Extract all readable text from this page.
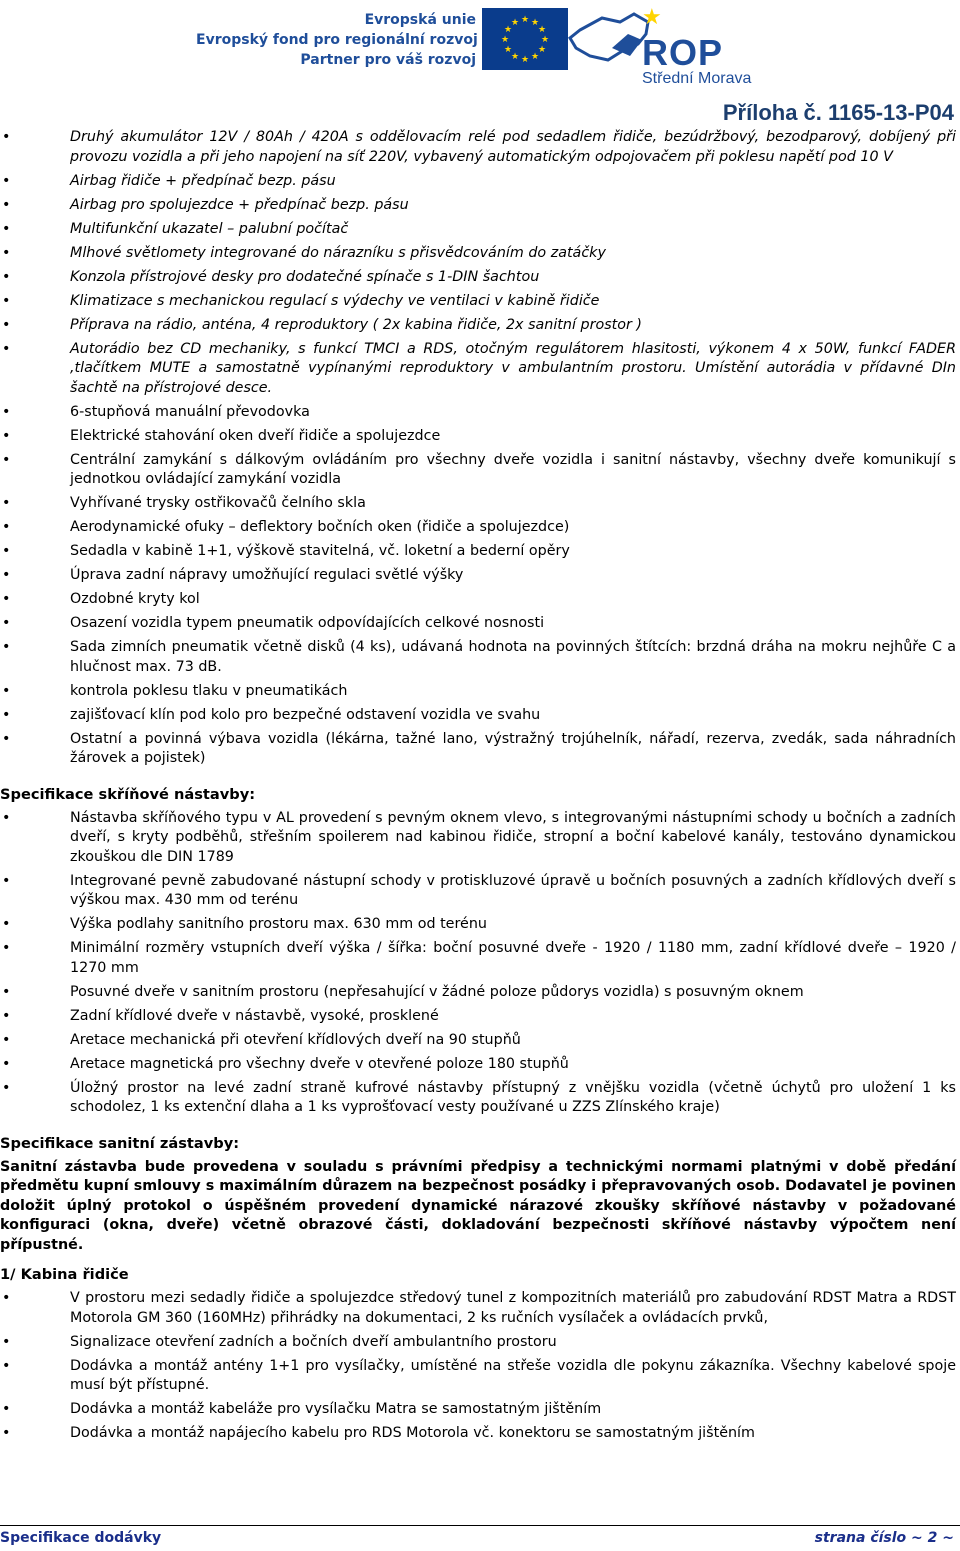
Evropská unie
Evropský fond pro regionální rozvoj
Partner pro váš rozvoj
★ ★
★
★
★
★
★
★
★
★
★
★	★
ROP
Střední Morava
Příloha č. 1165-13-P04
•	Druhý akumulátor 12V / 80Ah / 420A s oddělovacím relé pod sedadlem řidiče, bezúdržbový, bezodparový, dobíjený při provozu vozidla a při jeho napojení na síť 220V, vybavený automatickým odpojovačem při poklesu napětí pod 10 V
•	Airbag řidiče + předpínač bezp. pásu
•	Airbag pro spolujezdce + předpínač bezp. pásu
•	Multifunkční ukazatel – palubní počítač
•	Mlhové světlomety integrované do nárazníku s přisvědcováním do zatáčky
•	Konzola přístrojové desky pro dodatečné spínače s 1-DIN šachtou
•	Klimatizace s mechanickou regulací s výdechy ve ventilaci v kabině řidiče
•	Příprava na rádio, anténa, 4 reproduktory ( 2x kabina řidiče, 2x sanitní prostor )
•	Autorádio bez CD mechaniky, s funkcí TMCI a RDS, otočným regulátorem hlasitosti, výkonem 4 x 50W, funkcí FADER ,tlačítkem MUTE a samostatně vypínanými reproduktory v ambulantním prostoru. Umístění autorádia v přídavné DIn šachtě na přístrojové desce.
•	6-stupňová manuální převodovka
•	Elektrické stahování oken dveří řidiče a spolujezdce
•	Centrální zamykání s dálkovým ovládáním pro všechny dveře vozidla i sanitní nástavby, všechny dveře komunikují s jednotkou ovládající zamykání vozidla
•	Vyhřívané trysky ostřikovačů čelního skla
•	Aerodynamické ofuky – deflektory bočních oken (řidiče a spolujezdce)
•	Sedadla v kabině 1+1, výškově stavitelná, vč. loketní a bederní opěry
•	Úprava zadní nápravy umožňující regulaci světlé výšky
•	Ozdobné kryty kol
•	Osazení vozidla typem pneumatik odpovídajících celkové nosnosti
•	Sada zimních pneumatik včetně disků (4 ks), udávaná hodnota na povinných štítcích: brzdná dráha na mokru nejhůře C a hlučnost max. 73 dB.
•	kontrola poklesu tlaku v pneumatikách
•	zajišťovací klín pod kolo pro bezpečné odstavení vozidla ve svahu
•	Ostatní a povinná výbava vozidla (lékárna, tažné lano, výstražný trojúhelník, nářadí, rezerva, zvedák, sada náhradních žárovek a pojistek)
Specifikace skříňové nástavby:
•	Nástavba skříňového typu v AL provedení s pevným oknem vlevo, s integrovanými nástupními schody u bočních a zadních dveří, s kryty podběhů, střešním spoilerem nad kabinou řidiče, stropní a boční kabelové kanály, testováno dynamickou zkouškou dle DIN 1789
•	Integrované pevně zabudované nástupní schody v protiskluzové úpravě u bočních posuvných a zadních křídlových dveří s výškou max. 430 mm od terénu
•	Výška podlahy sanitního prostoru max. 630 mm od terénu
•	Minimální rozměry vstupních dveří výška / šířka: boční posuvné dveře - 1920 / 1180 mm, zadní křídlové dveře – 1920 / 1270 mm
•	Posuvné dveře v sanitním prostoru (nepřesahující v žádné poloze půdorys vozidla) s posuvným oknem
•	Zadní křídlové dveře v nástavbě, vysoké, prosklené
•	Aretace mechanická při otevření křídlových dveří na 90 stupňů
•	Aretace magnetická pro všechny dveře v otevřené poloze 180 stupňů
•	Úložný prostor na levé zadní straně kufrové nástavby přístupný z vnějšku vozidla (včetně úchytů pro uložení 1 ks schodolez, 1 ks extenční dlaha a 1 ks vyprošťovací vesty používané u ZZS Zlínského kraje)
Specifikace sanitní zástavby:

Sanitní zástavba bude provedena v souladu s právními předpisy a technickými normami platnými v době předání předmětu kupní smlouvy s maximálním důrazem na bezpečnost posádky i přepravovaných osob. Dodavatel je povinen doložit úplný protokol o úspěšném provedení dynamické nárazové zkoušky skříňové nástavby v požadované konfiguraci (okna, dveře) včetně obrazové části, dokladování bezpečnosti skříňové nástavby výpočtem není přípustné.

1/ Kabina řidiče
•	V prostoru mezi sedadly řidiče a spolujezdce středový tunel z kompozitních materiálů pro zabudování RDST Matra a RDST Motorola GM 360 (160MHz) přihrádky na dokumentaci, 2 ks ručních vysílaček a ovládacích prvků,
•	Signalizace otevření zadních a bočních dveří ambulantního prostoru
•	Dodávka a montáž antény 1+1 pro vysílačky, umístěné na střeše vozidla dle pokynu zákazníka. Všechny kabelové spoje musí být přístupné.
•	Dodávka a montáž kabeláže pro vysílačku Matra se samostatným jištěním
•	Dodávka a montáž napájecího kabelu pro RDS Motorola vč. konektoru se samostatným jištěním
Specifikace dodávky	strana číslo ~ 2 ~
